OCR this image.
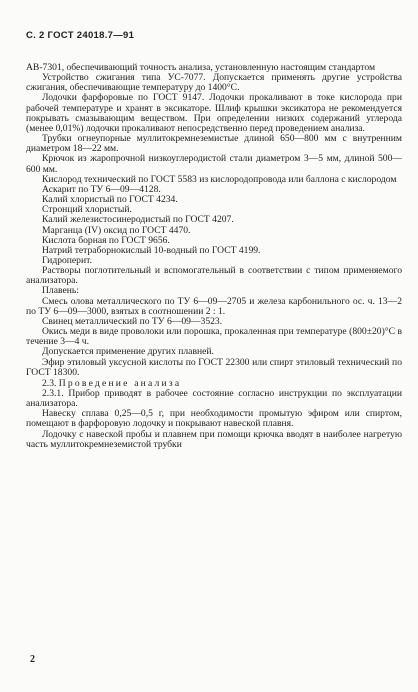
С. 2 ГОСТ 24018.7—91

АВ-7301, обеспечивающий точность анализа, установленную настоящим стандартом

Устройство сжигания типа УС-7077. Допускается применять другие устройства сжигания, обеспечивающие температуру до 1400°С.

Лодочки фарфоровые по ГОСТ 9147. Лодочки прокаливают в токе кислорода при рабочей температуре и хранят в эксикаторе. Шлиф крышки эксикатора не рекомендуется покрывать смазывающим веществом. При определении низких содержаний углерода (менее 0,01%) лодочки прокаливают непосредственно перед проведением анализа.

Трубки огнеупорные муллитокремнеземистые длиной 650—800 мм с внутренним диаметром 18—22 мм.

Крючок из жаропрочной низкоуглеродистой стали диаметром 3—5 мм, длиной 500—600 мм.

Кислород технический по ГОСТ 5583 из кислородопровода или баллона с кислородом

Аскарит по ТУ 6—09—4128.

Калий хлористый по ГОСТ 4234.

Стронций хлористый.

Калий железистосинеродистый по ГОСТ 4207.

Марганца (IV) оксид по ГОСТ 4470.

Кислота борная по ГОСТ 9656.

Натрий тетраборнокислый 10-водный по ГОСТ 4199.

Гидроперит.

Растворы поглотительный и вспомогательный в соответствии с типом применяемого анализатора.

Плавень:

Смесь олова металлического по ТУ 6—09—2705 и железа карбонильного ос. ч. 13—2 по ТУ 6—09—3000, взятых в соотношении 2 : 1.

Свинец металлический по ТУ 6—09—3523.

Окись меди в виде проволоки или порошка, прокаленная при температуре (800±20)°С в течение 3—4 ч.

Допускается применение других плавней.

Эфир этиловый уксусной кислоты по ГОСТ 22300 или спирт этиловый технический по ГОСТ 18300.

2.3. Проведение анализа

2.3.1. Прибор приводят в рабочее состояние согласно инструкции по эксплуатации анализатора.

Навеску сплава 0,25—0,5 г, при необходимости промытую эфиром или спиртом, помещают в фарфоровую лодочку и покрывают навеской плавня.

Лодочку с навеской пробы и плавнем при помощи крючка вводят в наиболее нагретую часть муллитокремнеземистой трубки

2
